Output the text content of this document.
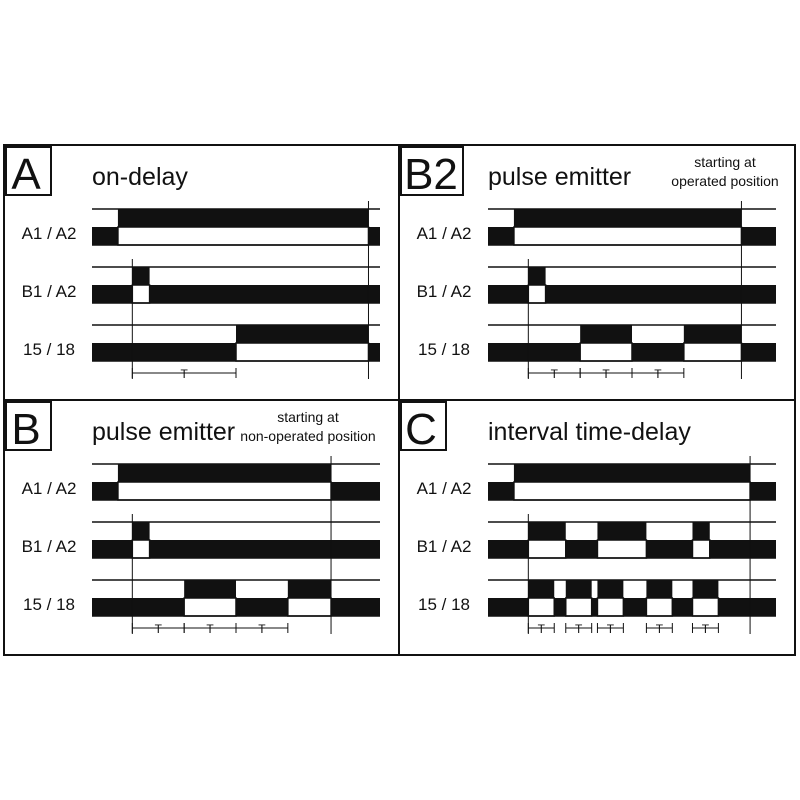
A on-delay
A1 / A2
B1 / A2
15 / 18
T
B2 pulse emitter
starting at
operated position
A1 / A2
B1 / A2
15 / 18
T	T	T
B pulse emitter
starting at
non-operated position
A1 / A2
B1 / A2
15 / 18
T	T	T
C interval time-delay
A1 / A2
B1 / A2
15 / 18
T	T T	T	T
